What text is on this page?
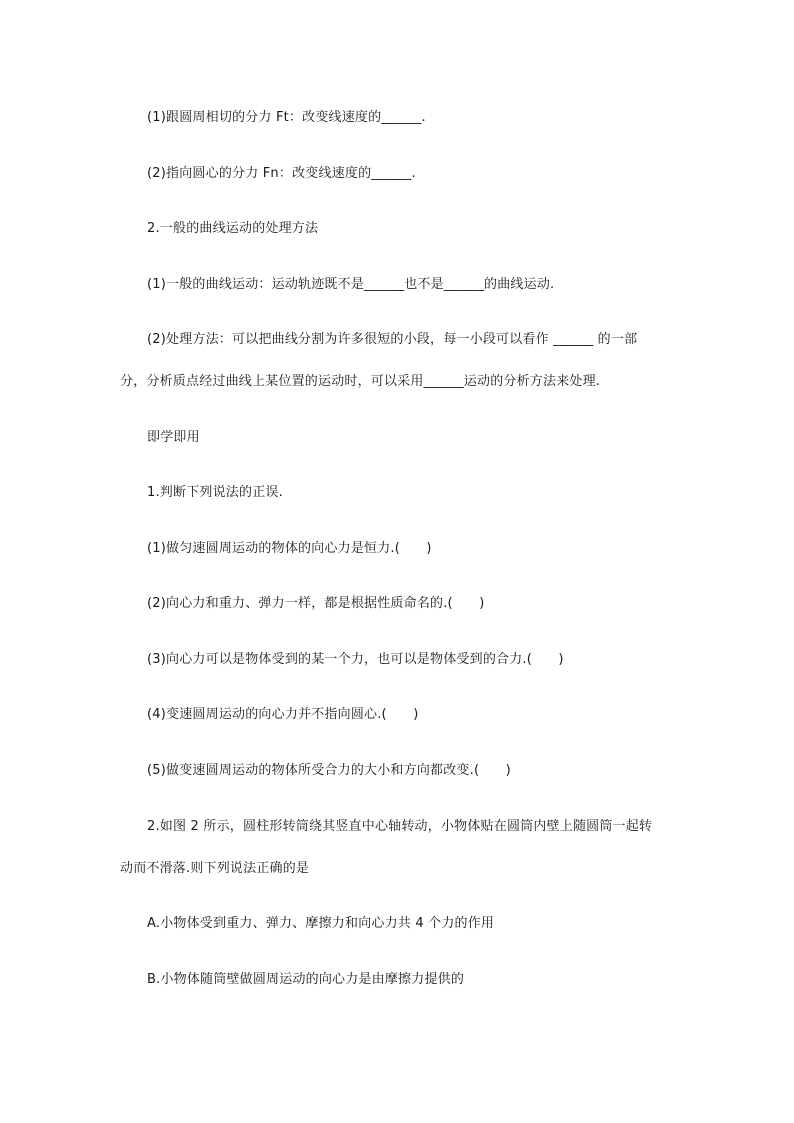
(1)跟圆周相切的分力 Ft：改变线速度的______.
(2)指向圆心的分力 Fn：改变线速度的______.
2.一般的曲线运动的处理方法
(1)一般的曲线运动：运动轨迹既不是______也不是______的曲线运动.
(2)处理方法：可以把曲线分割为许多很短的小段，每一小段可以看作 ______ 的一部
分，分析质点经过曲线上某位置的运动时，可以采用______运动的分析方法来处理.
即学即用
1.判断下列说法的正误.
(1)做匀速圆周运动的物体的向心力是恒力.(　　)
(2)向心力和重力、弹力一样，都是根据性质命名的.(　　)
(3)向心力可以是物体受到的某一个力，也可以是物体受到的合力.(　　)
(4)变速圆周运动的向心力并不指向圆心.(　　)
(5)做变速圆周运动的物体所受合力的大小和方向都改变.(　　)
2.如图 2 所示，圆柱形转筒绕其竖直中心轴转动，小物体贴在圆筒内壁上随圆筒一起转
动而不滑落.则下列说法正确的是
A.小物体受到重力、弹力、摩擦力和向心力共 4 个力的作用
B.小物体随筒壁做圆周运动的向心力是由摩擦力提供的
